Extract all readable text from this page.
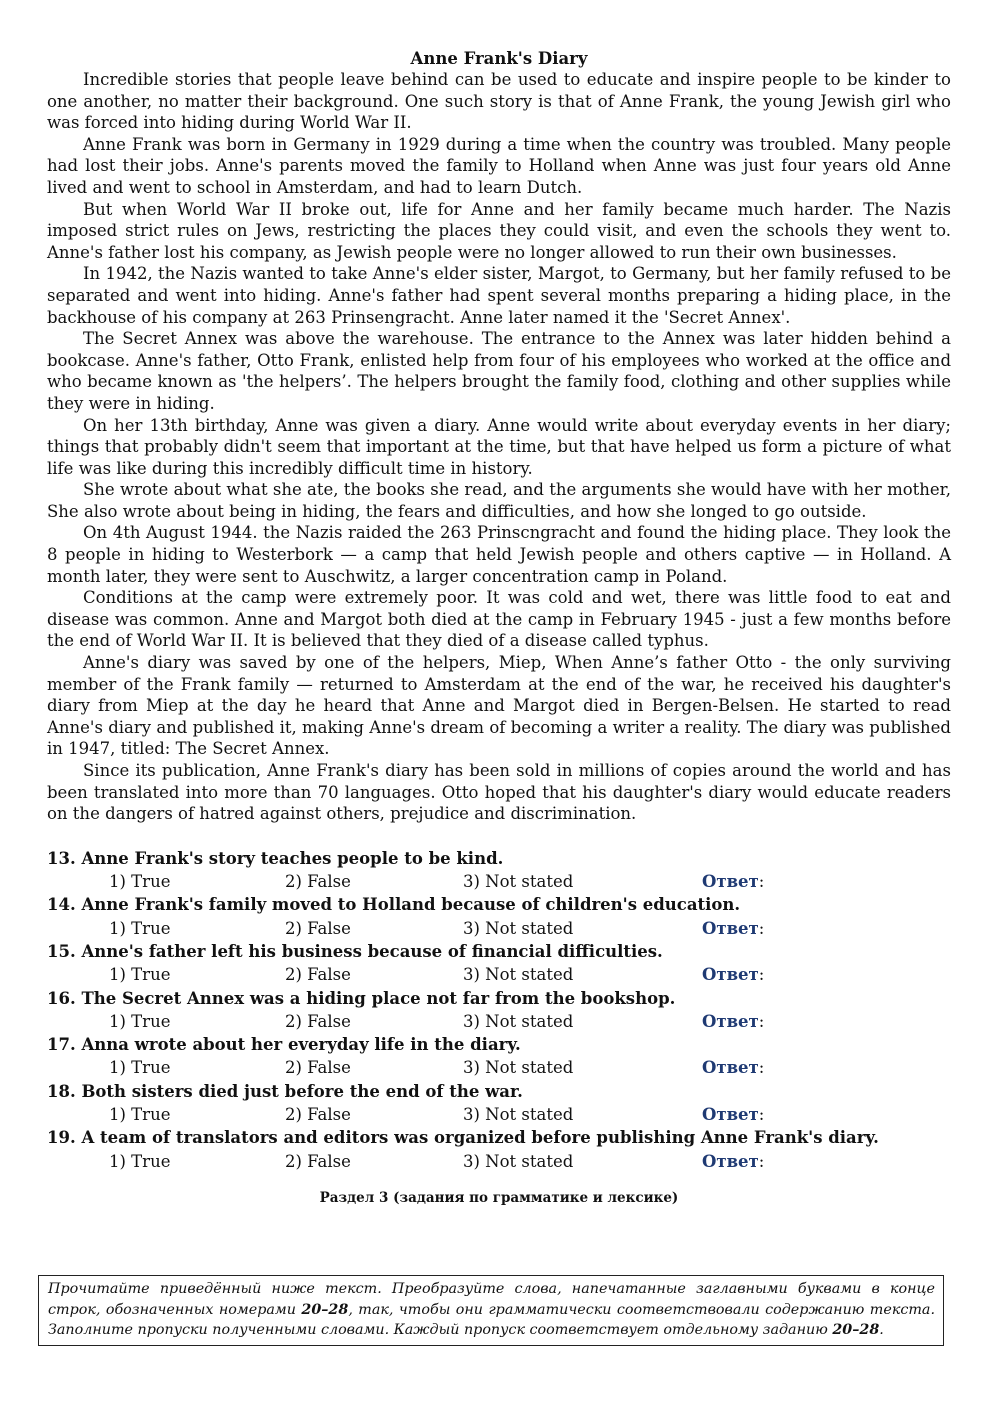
Anne Frank's Diary

Incredible stories that people leave behind can be used to educate and inspire people to be kinder to one another, no matter their background. One such story is that of Anne Frank, the young Jewish girl who was forced into hiding during World War II.

Anne Frank was born in Germany in 1929 during a time when the country was troubled. Many people had lost their jobs. Anne's parents moved the family to Holland when Anne was just four years old Anne lived and went to school in Amsterdam, and had to learn Dutch.

But when World War II broke out, life for Anne and her family became much harder. The Nazis imposed strict rules on Jews, restricting the places they could visit, and even the schools they went to. Anne's father lost his company, as Jewish people were no longer allowed to run their own businesses.

In 1942, the Nazis wanted to take Anne's elder sister, Margot, to Germany, but her family refused to be separated and went into hiding. Anne's father had spent several months preparing a hiding place, in the backhouse of his company at 263 Prinsengracht. Anne later named it the 'Secret Annex'.

The Secret Annex was above the warehouse. The entrance to the Annex was later hidden behind a bookcase. Anne's father, Otto Frank, enlisted help from four of his employees who worked at the office and who became known as 'the helpers’. The helpers brought the family food, clothing and other supplies while they were in hiding.

On her 13th birthday, Anne was given a diary. Anne would write about everyday events in her diary; things that probably didn't seem that important at the time, but that have helped us form a picture of what life was like during this incredibly difficult time in history.

She wrote about what she ate, the books she read, and the arguments she would have with her mother, She also wrote about being in hiding, the fears and difficulties, and how she longed to go outside.

On 4th August 1944. the Nazis raided the 263 Prinscngracht and found the hiding place. They look the 8 people in hiding to Westerbork — a camp that held Jewish people and others captive — in Holland. A month later, they were sent to Auschwitz, a larger concentration camp in Poland.

Conditions at the camp were extremely poor. It was cold and wet, there was little food to eat and disease was common. Anne and Margot both died at the camp in February 1945 - just a few months before the end of World War II. It is believed that they died of a disease called typhus.

Anne's diary was saved by one of the helpers, Miep, When Anne’s father Otto - the only surviving member of the Frank family — returned to Amsterdam at the end of the war, he received his daughter's diary from Miep at the day he heard that Anne and Margot died in Bergen-Belsen. He started to read Anne's diary and published it, making Anne's dream of becoming a writer a reality. The diary was published in 1947, titled: The Secret Annex.

Since its publication, Anne Frank's diary has been sold in millions of copies around the world and has been translated into more than 70 languages. Otto hoped that his daughter's diary would educate readers on the dangers of hatred against others, prejudice and discrimination.

13. Anne Frank's story teaches people to be kind.
1) True	2) False	3) Not stated	Ответ:
14. Anne Frank's family moved to Holland because of children's education.
1) True	2) False	3) Not stated	Ответ:
15. Anne's father left his business because of financial difficulties.
1) True	2) False	3) Not stated	Ответ:
16. The Secret Annex was a hiding place not far from the bookshop.
1) True	2) False	3) Not stated	Ответ:
17. Anna wrote about her everyday life in the diary.
1) True	2) False	3) Not stated	Ответ:
18. Both sisters died just before the end of the war.
1) True	2) False	3) Not stated	Ответ:
19. A team of translators and editors was organized before publishing Anne Frank's diary.
1) True	2) False	3) Not stated	Ответ:
Раздел 3 (задания по грамматике и лексике)
Прочитайте приведённый ниже текст. Преобразуйте слова, напечатанные заглавными буквами в конце строк, обозначенных номерами 20–28, так, чтобы они грамматически соответствовали содержанию текста. Заполните пропуски полученными словами. Каждый пропуск соответствует отдельному заданию 20–28.
